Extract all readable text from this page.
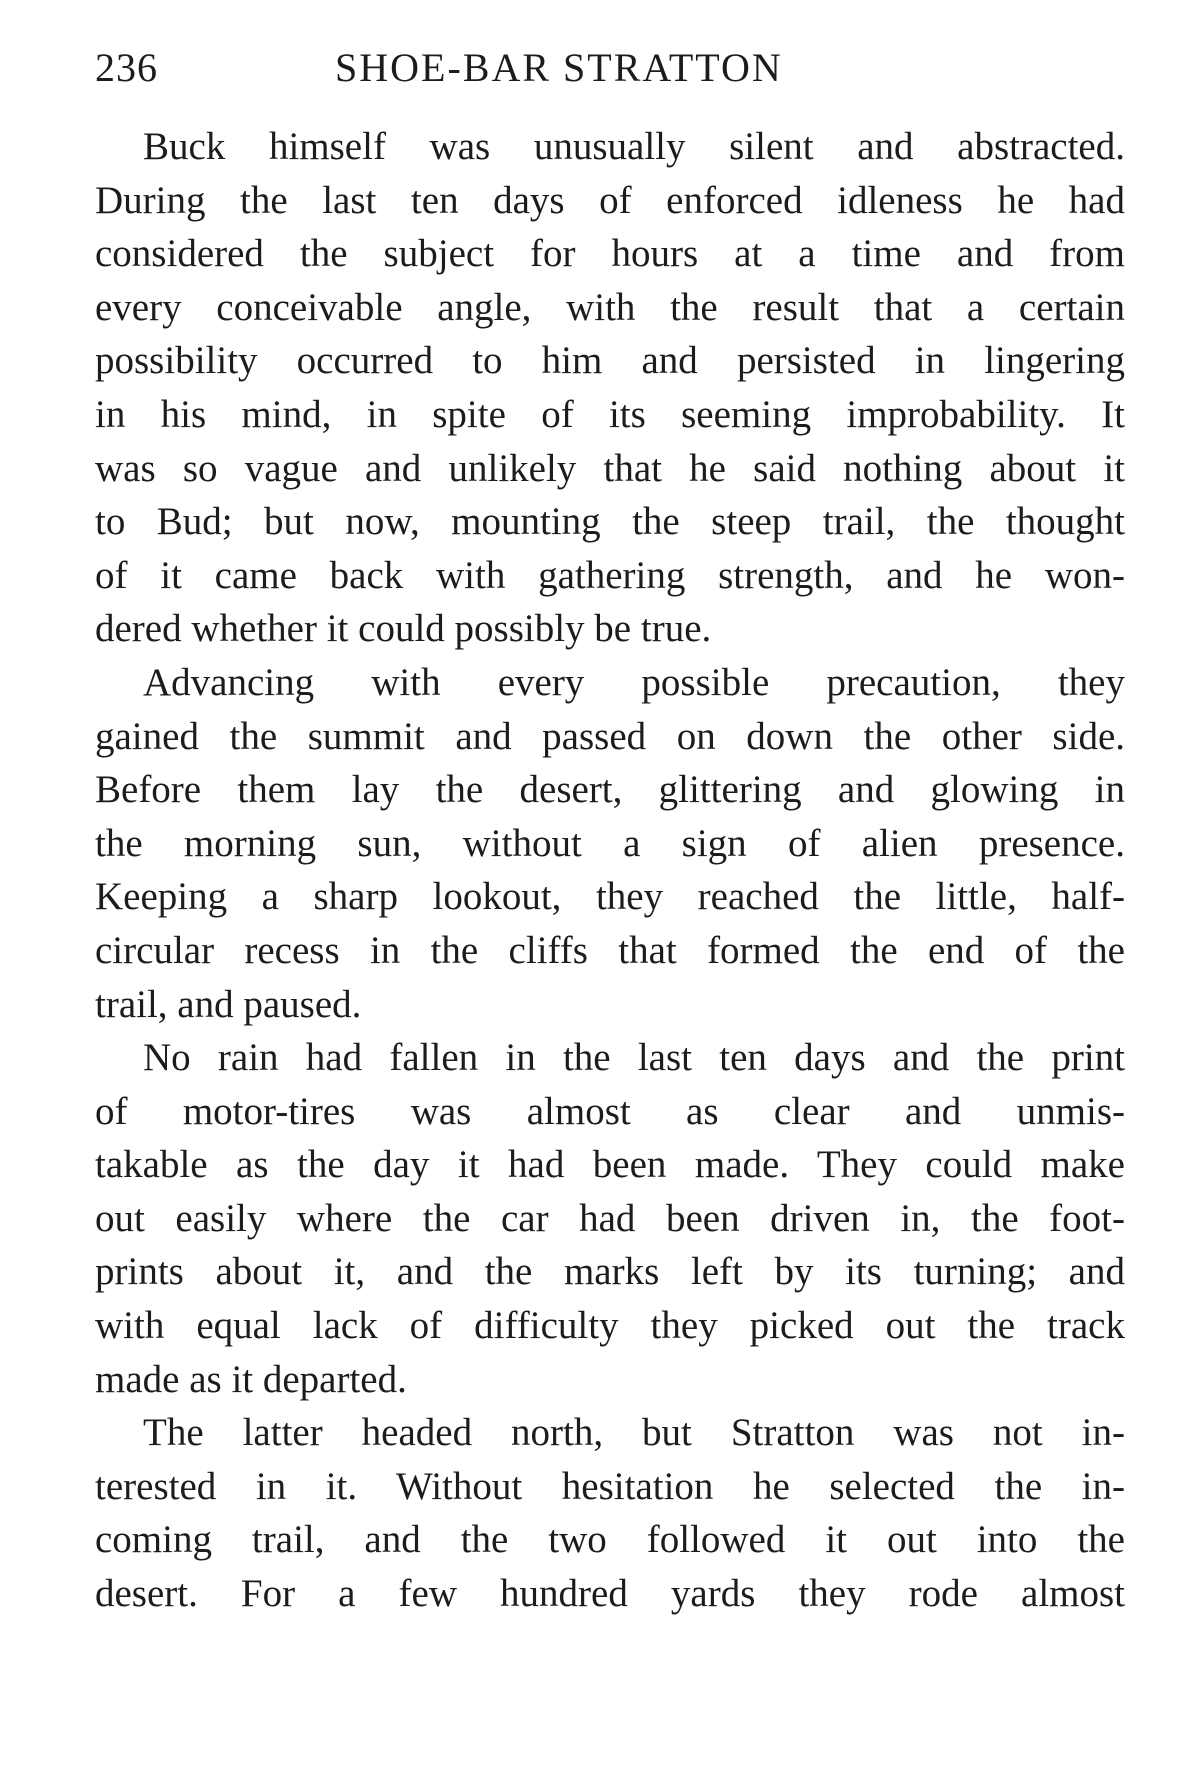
236	SHOE-BAR STRATTON
Buck himself was unusually silent and abstracted.
During the last ten days of enforced idleness he had
considered the subject for hours at a time and from
every conceivable angle, with the result that a certain
possibility occurred to him and persisted in lingering
in his mind, in spite of its seeming improbability. It
was so vague and unlikely that he said nothing about it
to Bud; but now, mounting the steep trail, the thought
of it came back with gathering strength, and he won-
dered whether it could possibly be true.
Advancing with every possible precaution, they
gained the summit and passed on down the other side.
Before them lay the desert, glittering and glowing in
the morning sun, without a sign of alien presence.
Keeping a sharp lookout, they reached the little, half-
circular recess in the cliffs that formed the end of the
trail, and paused.
No rain had fallen in the last ten days and the print
of motor-tires was almost as clear and unmis-
takable as the day it had been made. They could make
out easily where the car had been driven in, the foot-
prints about it, and the marks left by its turning; and
with equal lack of difficulty they picked out the track
made as it departed.
The latter headed north, but Stratton was not in-
terested in it. Without hesitation he selected the in-
coming trail, and the two followed it out into the
desert. For a few hundred yards they rode almost
